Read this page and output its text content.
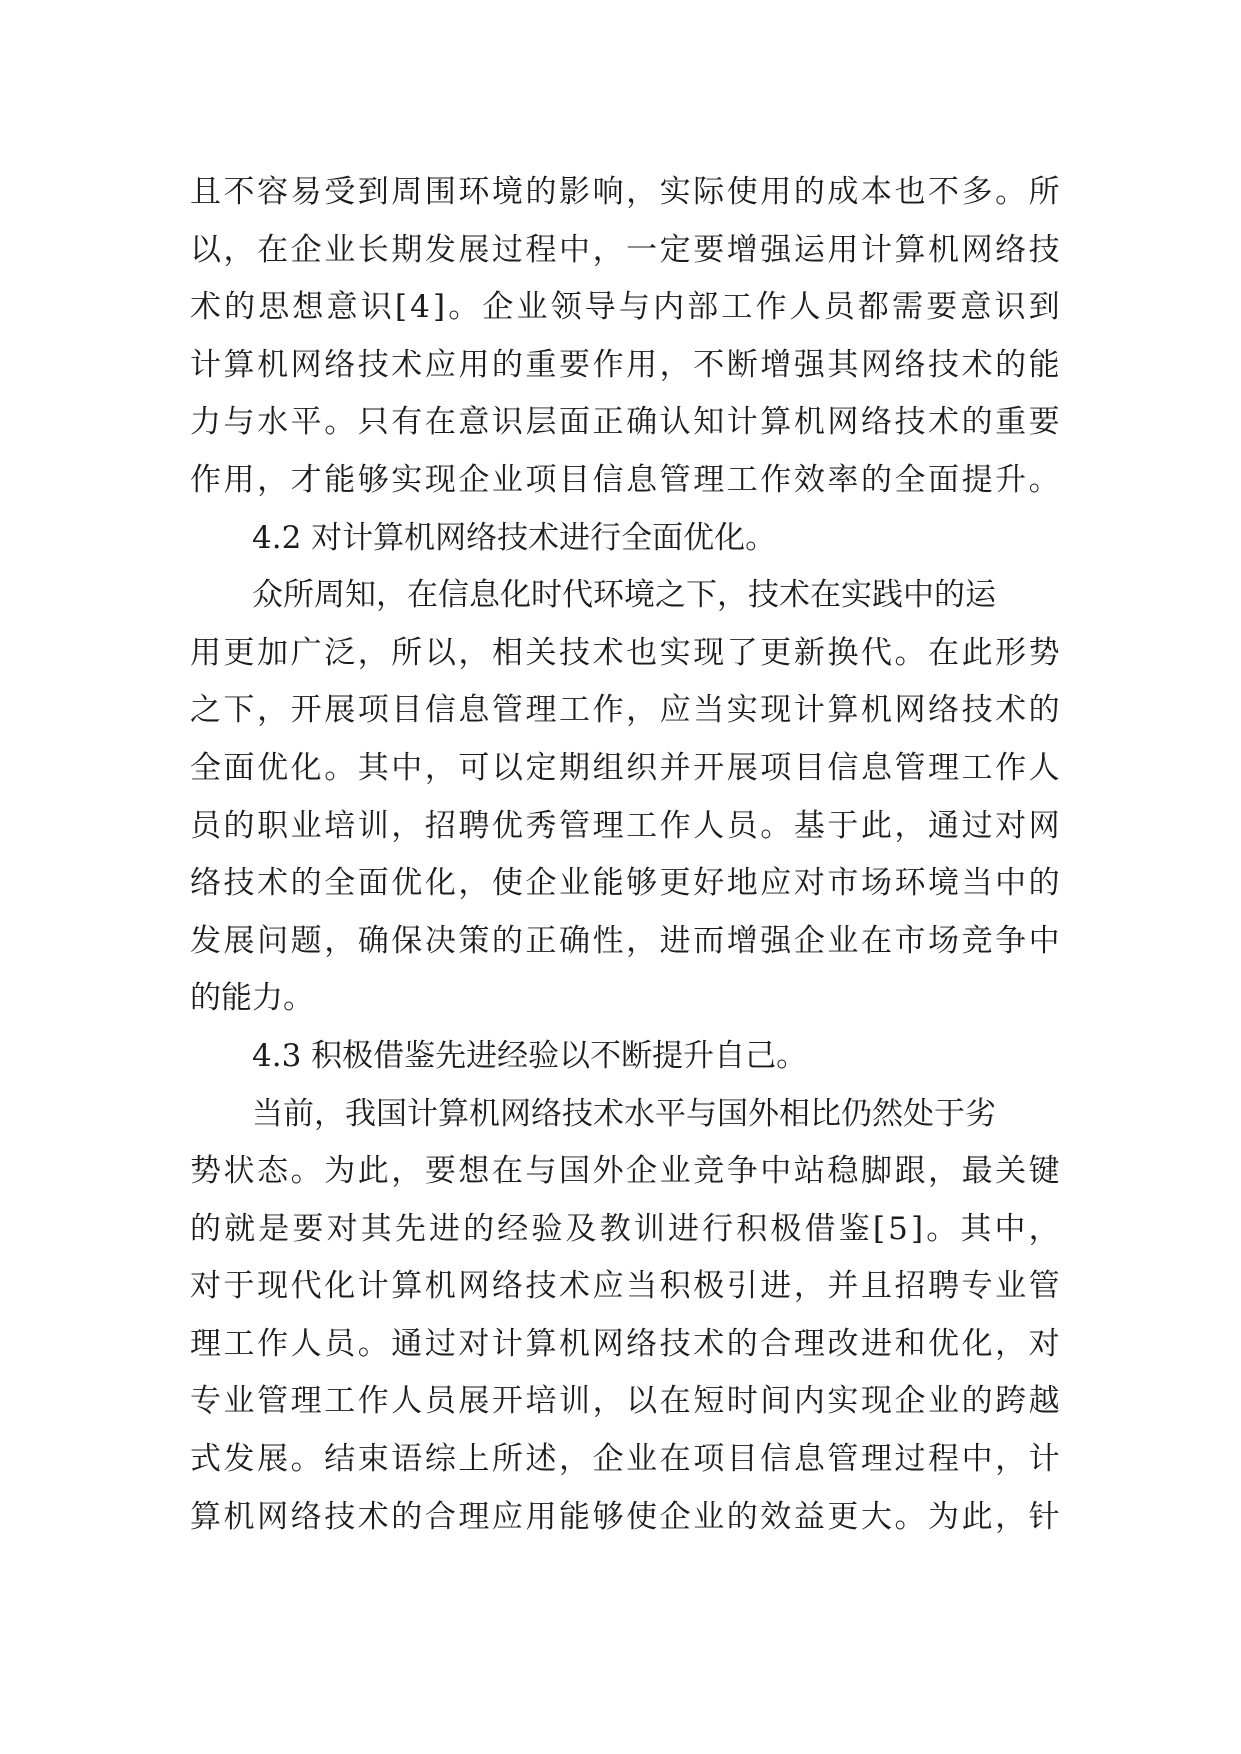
且 不 容 易 受 到 周 围 环 境 的 影 响 ， 实 际 使 用 的 成 本 也 不 多 。 所
以 ， 在 企 业 长 期 发 展 过 程 中 ， 一 定 要 增 强 运 用 计 算 机 网 络 技
术 的 思 想 意 识 [ 4 ] 。 企 业 领 导 与 内 部 工 作 人 员 都 需 要 意 识 到
计 算 机 网 络 技 术 应 用 的 重 要 作 用 ， 不 断 增 强 其 网 络 技 术 的 能
力 与 水 平 。 只 有 在 意 识 层 面 正 确 认 知 计 算 机 网 络 技 术 的 重 要
作 用 ， 才 能 够 实 现 企 业 项 目 信 息 管 理 工 作 效 率 的 全 面 提 升 。
4.2 对计算机网络技术进行全面优化。
众所周知，在信息化时代环境之下，技术在实践中的运
用 更 加 广 泛 ， 所 以 ， 相 关 技 术 也 实 现 了 更 新 换 代 。 在 此 形 势
之 下 ， 开 展 项 目 信 息 管 理 工 作 ， 应 当 实 现 计 算 机 网 络 技 术 的
全 面 优 化 。 其 中 ， 可 以 定 期 组 织 并 开 展 项 目 信 息 管 理 工 作 人
员 的 职 业 培 训 ， 招 聘 优 秀 管 理 工 作 人 员 。 基 于 此 ， 通 过 对 网
络 技 术 的 全 面 优 化 ， 使 企 业 能 够 更 好 地 应 对 市 场 环 境 当 中 的
发 展 问 题 ， 确 保 决 策 的 正 确 性 ， 进 而 增 强 企 业 在 市 场 竞 争 中
的能力。
4.3 积极借鉴先进经验以不断提升自己。
当前，我国计算机网络技术水平与国外相比仍然处于劣
势 状 态 。 为 此 ， 要 想 在 与 国 外 企 业 竞 争 中 站 稳 脚 跟 ， 最 关 键
的 就 是 要 对 其 先 进 的 经 验 及 教 训 进 行 积 极 借 鉴 [ 5 ] 。 其 中 ，
对 于 现 代 化 计 算 机 网 络 技 术 应 当 积 极 引 进 ， 并 且 招 聘 专 业 管
理 工 作 人 员 。 通 过 对 计 算 机 网 络 技 术 的 合 理 改 进 和 优 化 ， 对
专 业 管 理 工 作 人 员 展 开 培 训 ， 以 在 短 时 间 内 实 现 企 业 的 跨 越
式 发 展 。 结 束 语 综 上 所 述 ， 企 业 在 项 目 信 息 管 理 过 程 中 ， 计
算 机 网 络 技 术 的 合 理 应 用 能 够 使 企 业 的 效 益 更 大 。 为 此 ， 针
